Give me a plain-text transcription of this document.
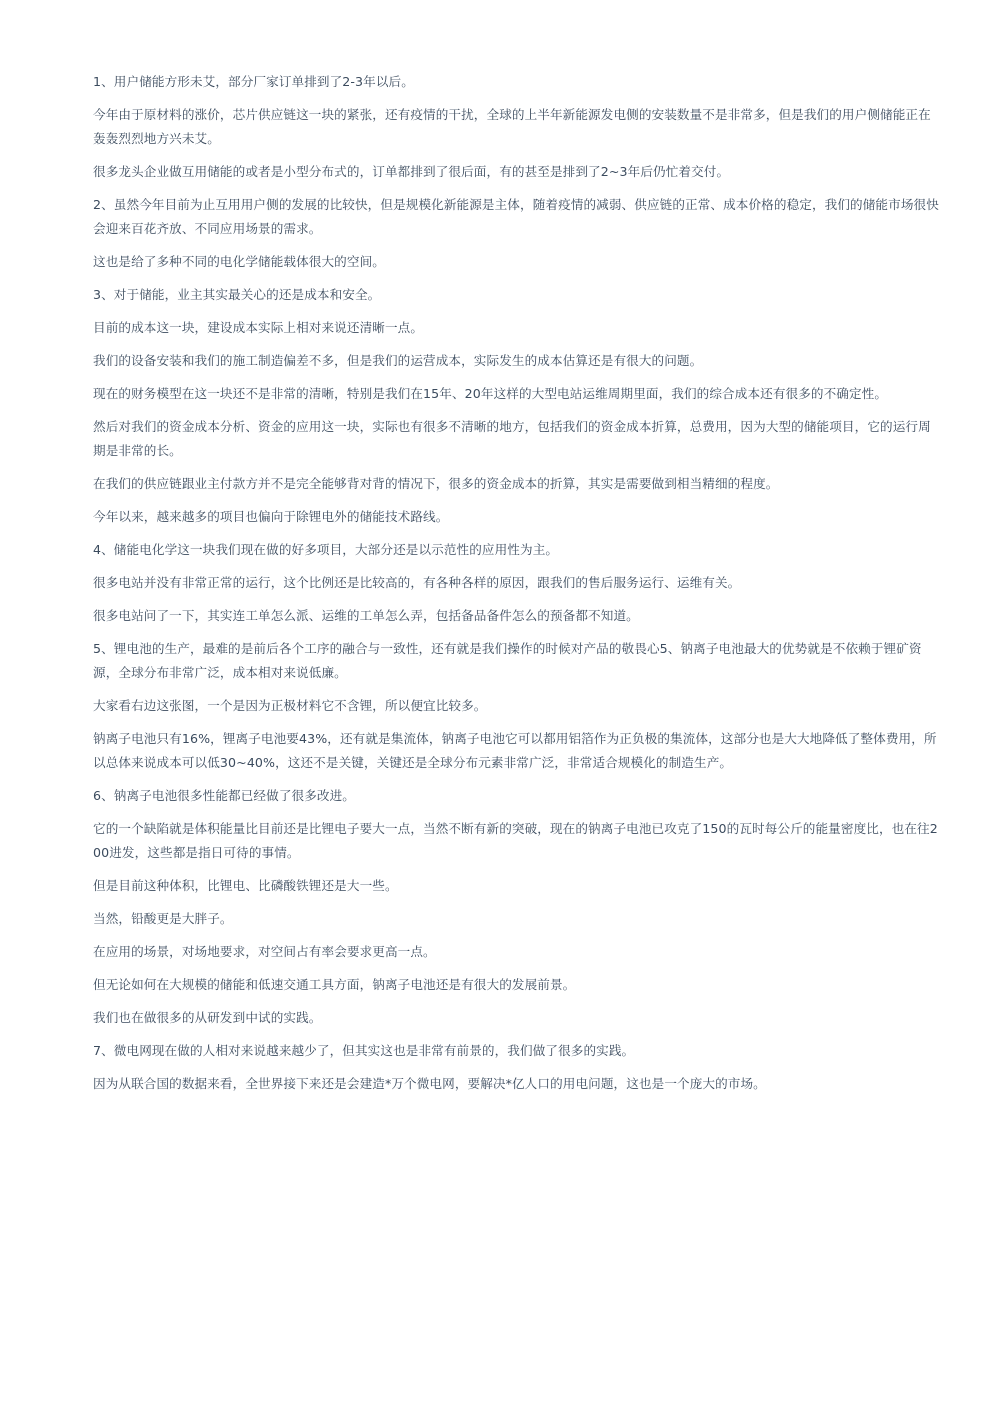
1、用户储能方形未艾，部分厂家订单排到了2-3年以后。

今年由于原材料的涨价，芯片供应链这一块的紧张，还有疫情的干扰，全球的上半年新能源发电侧的安装数量不是非常多，但是我们的用户侧储能正在轰轰烈烈地方兴未艾。

很多龙头企业做互用储能的或者是小型分布式的，订单都排到了很后面，有的甚至是排到了2~3年后仍忙着交付。

2、虽然今年目前为止互用用户侧的发展的比较快，但是规模化新能源是主体，随着疫情的减弱、供应链的正常、成本价格的稳定，我们的储能市场很快会迎来百花齐放、不同应用场景的需求。

这也是给了多种不同的电化学储能载体很大的空间。

3、对于储能，业主其实最关心的还是成本和安全。

目前的成本这一块，建设成本实际上相对来说还清晰一点。

我们的设备安装和我们的施工制造偏差不多，但是我们的运营成本，实际发生的成本估算还是有很大的问题。

现在的财务模型在这一块还不是非常的清晰，特别是我们在15年、20年这样的大型电站运维周期里面，我们的综合成本还有很多的不确定性。

然后对我们的资金成本分析、资金的应用这一块，实际也有很多不清晰的地方，包括我们的资金成本折算，总费用，因为大型的储能项目，它的运行周期是非常的长。

在我们的供应链跟业主付款方并不是完全能够背对背的情况下，很多的资金成本的折算，其实是需要做到相当精细的程度。

今年以来，越来越多的项目也偏向于除锂电外的储能技术路线。

4、储能电化学这一块我们现在做的好多项目，大部分还是以示范性的应用性为主。

很多电站并没有非常正常的运行，这个比例还是比较高的，有各种各样的原因，跟我们的售后服务运行、运维有关。

很多电站问了一下，其实连工单怎么派、运维的工单怎么弄，包括备品备件怎么的预备都不知道。

5、锂电池的生产，最难的是前后各个工序的融合与一致性，还有就是我们操作的时候对产品的敬畏心5、钠离子电池最大的优势就是不依赖于锂矿资源，全球分布非常广泛，成本相对来说低廉。

大家看右边这张图，一个是因为正极材料它不含锂，所以便宜比较多。

钠离子电池只有16%，锂离子电池要43%，还有就是集流体，钠离子电池它可以都用铝箔作为正负极的集流体，这部分也是大大地降低了整体费用，所以总体来说成本可以低30~40%，这还不是关键，关键还是全球分布元素非常广泛，非常适合规模化的制造生产。

6、钠离子电池很多性能都已经做了很多改进。

它的一个缺陷就是体积能量比目前还是比锂电子要大一点，当然不断有新的突破，现在的钠离子电池已攻克了150的瓦时每公斤的能量密度比，也在往200进发，这些都是指日可待的事情。

但是目前这种体积，比锂电、比磷酸铁锂还是大一些。

当然，铅酸更是大胖子。

在应用的场景，对场地要求，对空间占有率会要求更高一点。

但无论如何在大规模的储能和低速交通工具方面，钠离子电池还是有很大的发展前景。

我们也在做很多的从研发到中试的实践。

7、微电网现在做的人相对来说越来越少了，但其实这也是非常有前景的，我们做了很多的实践。

因为从联合国的数据来看，全世界接下来还是会建造*万个微电网，要解决*亿人口的用电问题，这也是一个庞大的市场。
